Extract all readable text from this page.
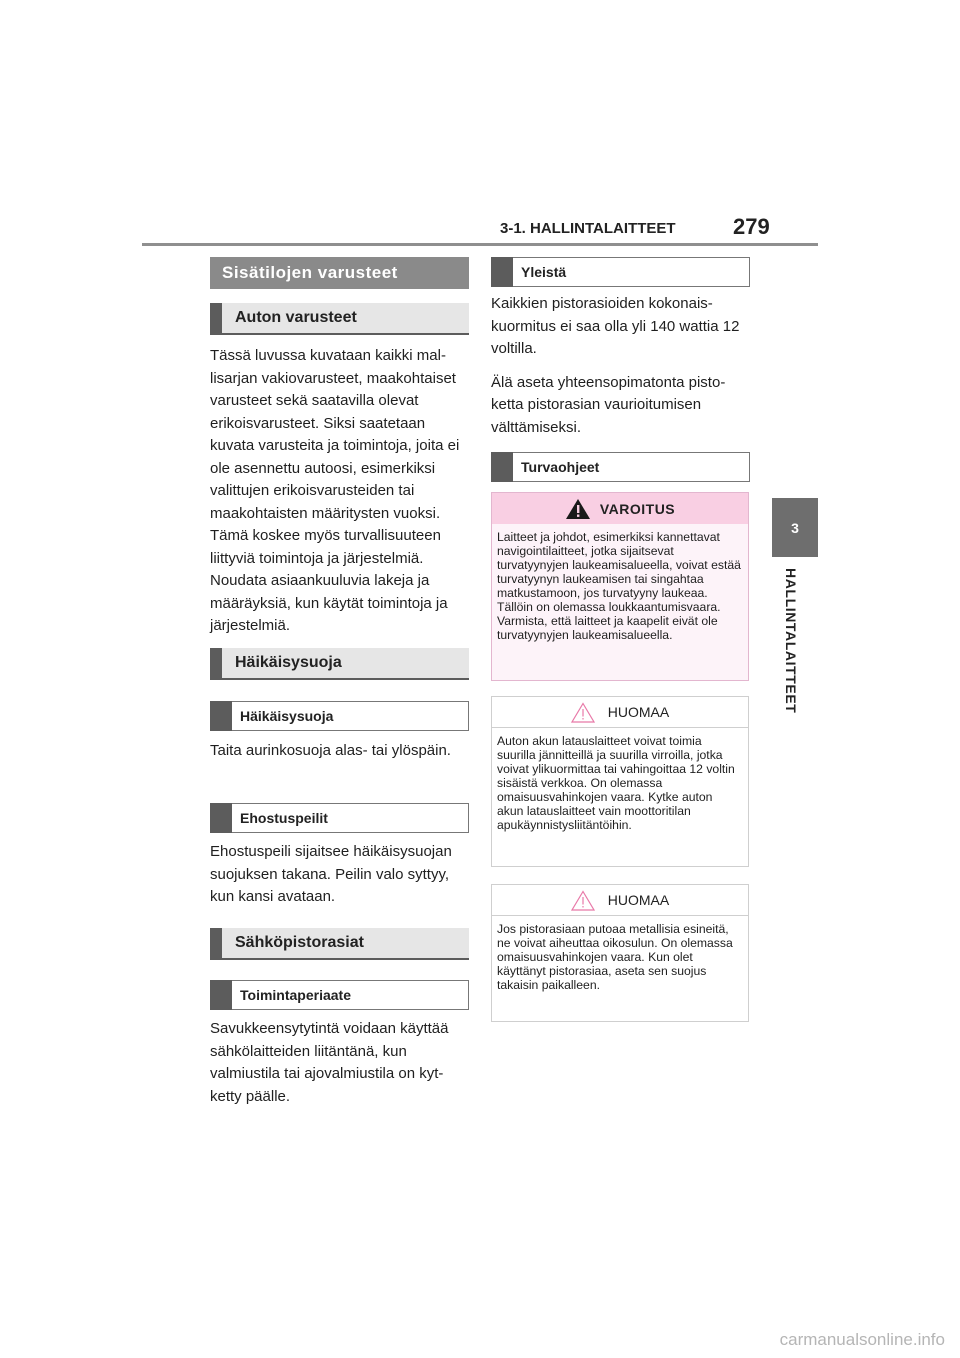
3-1. HALLINTALAITTEET	279
3
HALLINTALAITTEET
Sisätilojen varusteet
Auton varusteet

Tässä luvussa kuvataan kaikki mallisarjan vakiovarusteet, maakohtaiset varusteet sekä saatavilla olevat erikoisvarusteet. Siksi saatetaan kuvata varusteita ja toimintoja, joita ei ole asennettu autoosi, esimerkiksi valittujen erikoisvarusteiden tai maakohtaisten määritysten vuoksi. Tämä koskee myös turvallisuuteen liittyviä toimintoja ja järjestelmiä. Noudata asiaankuuluvia lakeja ja määräyksiä, kun käytät toimintoja ja järjestelmiä.

Häikäisysuoja
Häikäisysuoja

Taita aurinkosuoja alas- tai ylöspäin.

Ehostuspeilit

Ehostuspeili sijaitsee häikäisysuojan suojuksen takana. Peilin valo syttyy, kun kansi avataan.

Sähköpistorasiat
Toimintaperiaate

Savukkeensytytintä voidaan käyttää sähkölaitteiden liitäntänä, kun valmiustila tai ajovalmiustila on kytketty päälle.

Yleistä

Kaikkien pistorasioiden kokonaiskuormitus ei saa olla yli 140 wattia 12 voltilla.

Älä aseta yhteensopimatonta pistoketta pistorasian vaurioitumisen välttämiseksi.

Turvaohjeet
VAROITUS
Laitteet ja johdot, esimerkiksi kannettavat navigointilaitteet, jotka sijaitsevat turvatyynyjen laukeamisalueella, voivat estää turvatyynyn laukeamisen tai singahtaa matkustamoon, jos turvatyyny laukeaa. Tällöin on olemassa loukkaantumisvaara. Varmista, että laitteet ja kaapelit eivät ole turvatyynyjen laukeamisalueella.
HUOMAA
Auton akun latauslaitteet voivat toimia suurilla jännitteillä ja suurilla virroilla, jotka voivat ylikuormittaa tai vahingoittaa 12 voltin sisäistä verkkoa. On olemassa omaisuusvahinkojen vaara. Kytke auton akun latauslaitteet vain moottoritilan apukäynnistysliitäntöihin.
HUOMAA
Jos pistorasiaan putoaa metallisia esineitä, ne voivat aiheuttaa oikosulun. On olemassa omaisuusvahinkojen vaara. Kun olet käyttänyt pistorasiaa, aseta sen suojus takaisin paikalleen.
carmanualsonline.info
